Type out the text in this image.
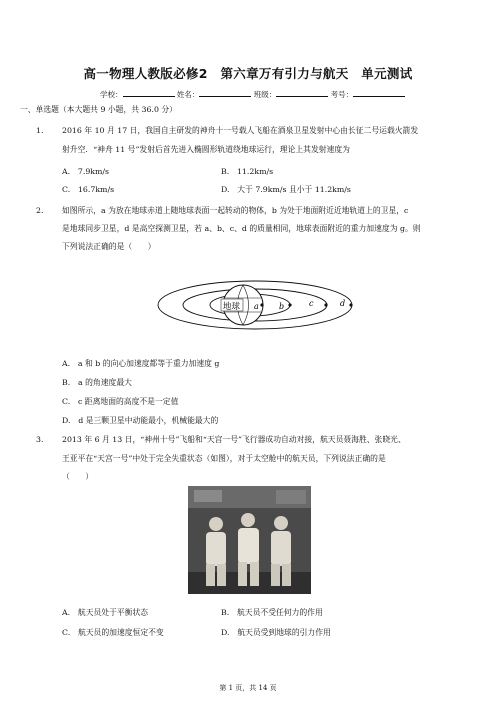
高一物理人教版必修2　第六章万有引力与航天　单元测试
学校：	姓名：	班级：	考号：
一、单选题（本大题共 9 小题，共 36.0 分）
1. 2016 年 10 月 17 日，我国自主研发的神舟十一号载人飞船在酒泉卫星发射中心由长征二号运载火箭发
射升空．“神舟 11 号”发射后首先进入椭圆形轨道绕地球运行，理论上其发射速度为
A.　7.9km/s	B.　11.2km/s
C.　16.7km/s	D.　大于 7.9km/s 且小于 11.2km/s
2. 如图所示，a 为放在地球赤道上随地球表面一起转动的物体，b 为处于地面附近近地轨道上的卫星，c
是地球同步卫星，d 是高空探测卫星，若 a、b、c、d 的质量相同，地球表面附近的重力加速度为 g。则
下列说法正确的是（　　）
地球 a	b	c	d
A.　a 和 b 的向心加速度都等于重力加速度 g
B.　a 的角速度最大
C.　c 距离地面的高度不是一定值
D.　d 是三颗卫星中动能最小，机械能最大的
3. 2013 年 6 月 13 日，“神州十号”飞船和“天宫一号”飞行器成功自动对接，航天员聂海胜、张晓光、
王亚平在“天宫一号”中处于完全失重状态（如图），对于太空舱中的航天员，下列说法正确的是
（　　）
A.　航天员处于平衡状态	B.　航天员不受任何力的作用
C.　航天员的加速度恒定不变	D.　航天员受到地球的引力作用
第 1 页，共 14 页
